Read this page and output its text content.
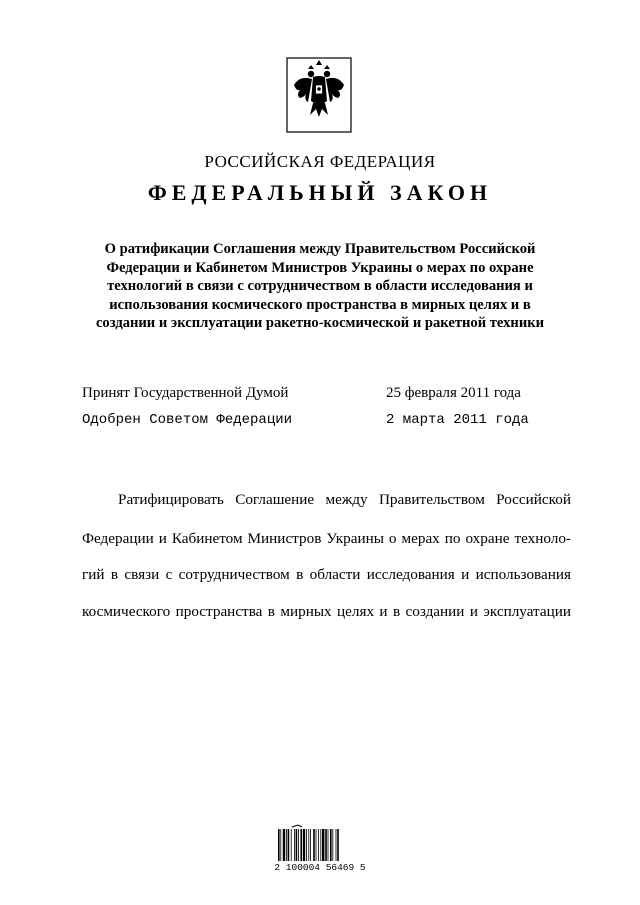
РОССИЙСКАЯ ФЕДЕРАЦИЯ
ФЕДЕРАЛЬНЫЙ ЗАКОН
О ратификации Соглашения между Правительством Российской
Федерации и Кабинетом Министров Украины о мерах по охране
технологий в связи с сотрудничеством в области исследования и
использования космического пространства в мирных целях и в
создании и эксплуатации ракетно-космической и ракетной техники
Принят Государственной Думой	25 февраля 2011 года
Одобрен Советом Федерации	2 марта 2011 года
Ратифицировать Соглашение между Правительством Российской
Федерации и Кабинетом Министров Украины о мерах по охране техноло-
гий в связи с сотрудничеством в области исследования и использования
космического пространства в мирных целях и в создании и эксплуатации
2 100004 56469 5
